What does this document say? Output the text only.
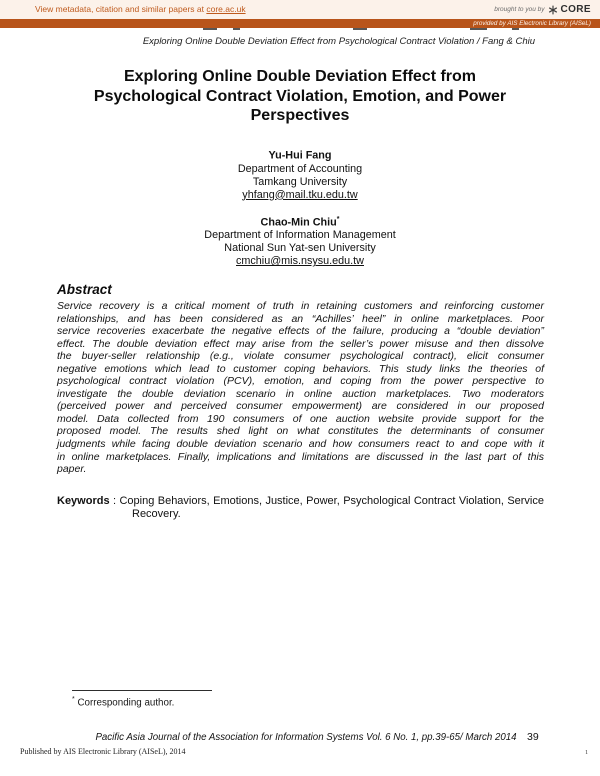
View metadata, citation and similar papers at core.ac.uk	brought to you by CORE
provided by AIS Electronic Library (AISeL)
Exploring Online Double Deviation Effect from Psychological Contract Violation / Fang & Chiu
Exploring Online Double Deviation Effect from
Psychological Contract Violation, Emotion, and Power
Perspectives
Yu-Hui Fang
Department of Accounting
Tamkang University
yhfang@mail.tku.edu.tw
Chao-Min Chiu*
Department of Information Management
National Sun Yat-sen University
cmchiu@mis.nsysu.edu.tw
Abstract
Service recovery is a critical moment of truth in retaining customers and reinforcing customer
relationships, and has been considered as an “Achilles’ heel” in online marketplaces. Poor
service recoveries exacerbate the negative effects of the failure, producing a “double deviation”
effect. The double deviation effect may arise from the seller’s power misuse and then dissolve
the buyer-seller relationship (e.g., violate consumer psychological contract), elicit consumer
negative emotions which lead to customer coping behaviors. This study links the theories of
psychological contract violation (PCV), emotion, and coping from the power perspective to
investigate the double deviation scenario in online auction marketplaces. Two moderators
(perceived power and perceived consumer empowerment) are considered in our proposed
model. Data collected from 190 consumers of one auction website provide support for the
proposed model. The results shed light on what constitutes the determinants of consumer
judgments while facing double deviation scenario and how consumers react to and cope with it
in online marketplaces. Finally, implications and limitations are discussed in the last part of this
paper.
Keywords : Coping Behaviors, Emotions, Justice, Power, Psychological Contract Violation, Service Recovery.
* Corresponding author.
Pacific Asia Journal of the Association for Information Systems Vol. 6 No. 1, pp.39-65/ March 2014 39
Published by AIS Electronic Library (AISeL), 2014	1
